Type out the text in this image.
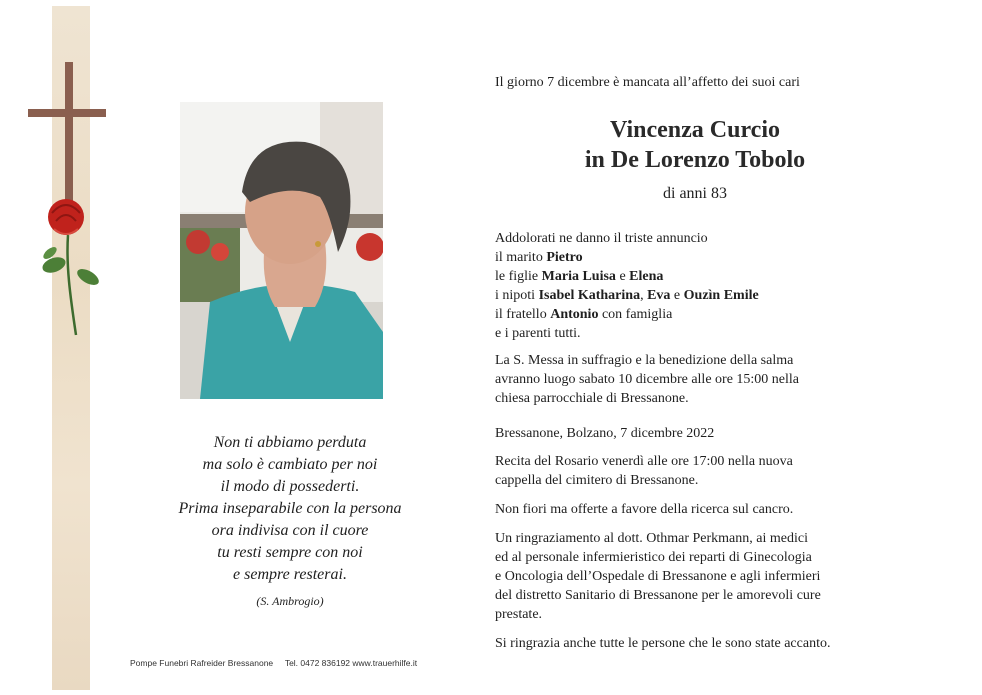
Non ti abbiamo perduta

ma solo è cambiato per noi

il modo di possederti.

Prima inseparabile con la persona

ora indivisa con il cuore

tu resti sempre con noi

e sempre resterai.

(S. Ambrogio)
Pompe Funebri Rafreider Bressanone     Tel. 0472 836192 www.trauerhilfe.it
Il giorno 7 dicembre è mancata all’affetto dei suoi cari
Vincenza Curcio
in De Lorenzo Tobolo
di anni 83
Addolorati ne danno il triste annuncio
il marito Pietro
le figlie Maria Luisa e Elena
i nipoti Isabel Katharina, Eva e Ouzìn Emile
il fratello Antonio con famiglia
e i parenti tutti.
La S. Messa in suffragio e la benedizione della salma
avranno luogo sabato 10 dicembre alle ore 15:00 nella
chiesa parrocchiale di Bressanone.
Bressanone, Bolzano, 7 dicembre 2022
Recita del Rosario venerdì alle ore 17:00 nella nuova
cappella del cimitero di Bressanone.
Non fiori ma offerte a favore della ricerca sul cancro.
Un ringraziamento al dott. Othmar Perkmann, ai medici
ed al personale infermieristico dei reparti di Ginecologia
e Oncologia dell’Ospedale di Bressanone e agli infermieri
del distretto Sanitario di Bressanone per le amorevoli cure
prestate.
Si ringrazia anche tutte le persone che le sono state accanto.
